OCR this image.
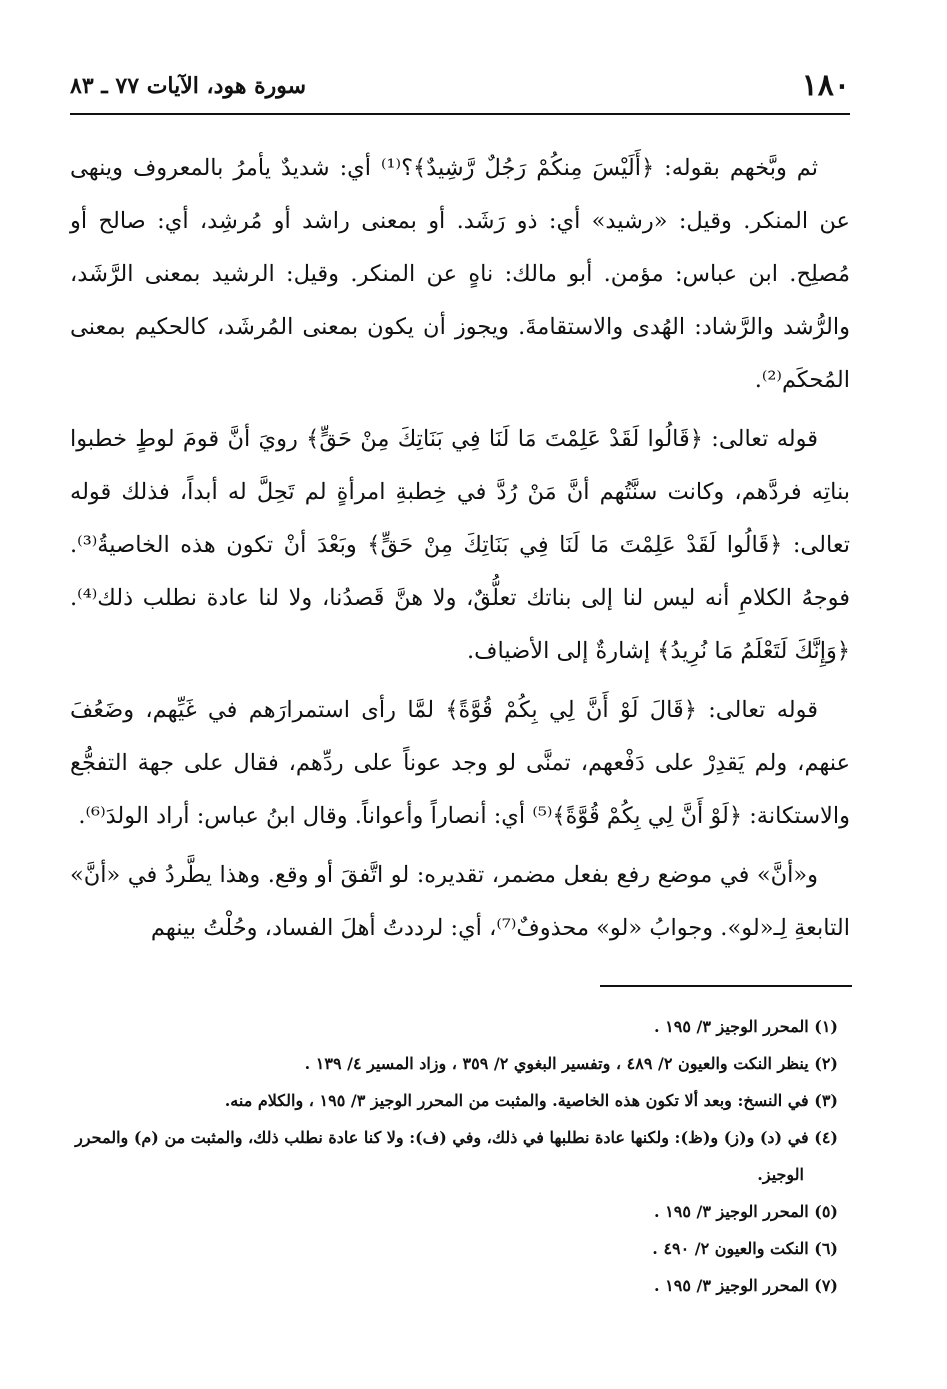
١٨٠
سورة هود، الآيات ٧٧ ـ ٨٣

ثم وبَّخهم بقوله: ﴿أَلَيْسَ مِنكُمْ رَجُلٌ رَّشِيدٌ﴾؟⁽¹⁾ أي: شديدٌ يأمرُ بالمعروف وينهى عن المنكر. وقيل: «رشيد» أي: ذو رَشَد. أو بمعنى راشد أو مُرشِد، أي: صالح أو مُصلِح. ابن عباس: مؤمن. أبو مالك: ناهٍ عن المنكر. وقيل: الرشيد بمعنى الرَّشَد، والرُّشد والرَّشاد: الهُدى والاستقامةَ. ويجوز أن يكون بمعنى المُرشَد، كالحكيم بمعنى المُحكَم⁽²⁾.

قوله تعالى: ﴿قَالُوا لَقَدْ عَلِمْتَ مَا لَنَا فِي بَنَاتِكَ مِنْ حَقٍّ﴾ رويَ أنَّ قومَ لوطٍ خطبوا بناتِه فردَّهم، وكانت سنَّتُهم أنَّ مَنْ رُدَّ في خِطبةِ امرأةٍ لم تَحِلَّ له أبداً، فذلك قوله تعالى: ﴿قَالُوا لَقَدْ عَلِمْتَ مَا لَنَا فِي بَنَاتِكَ مِنْ حَقٍّ﴾ وبَعْدَ أنْ تكون هذه الخاصيةُ⁽³⁾. فوجهُ الكلامِ أنه ليس لنا إلى بناتك تعلُّقٌ، ولا هنَّ قَصدُنا، ولا لنا عادة نطلب ذلك⁽⁴⁾. ﴿وَإِنَّكَ لَتَعْلَمُ مَا نُرِيدُ﴾ إشارةٌ إلى الأضياف.

قوله تعالى: ﴿قَالَ لَوْ أَنَّ لِي بِكُمْ قُوَّةً﴾ لمَّا رأى استمرارَهم في غَيِّهم، وضَعُفَ عنهم، ولم يَقدِرْ على دَفْعهم، تمنَّى لو وجد عوناً على ردِّهم، فقال على جهة التفجُّع والاستكانة: ﴿لَوْ أَنَّ لِي بِكُمْ قُوَّةً﴾⁽⁵⁾ أي: أنصاراً وأعواناً. وقال ابنُ عباس: أراد الولدَ⁽⁶⁾.

و«أنَّ» في موضع رفع بفعل مضمر، تقديره: لو اتَّفقَ أو وقع. وهذا يطَّردُ في «أنَّ» التابعةِ لِـ«لو». وجوابُ «لو» محذوفٌ⁽⁷⁾، أي: لرددتُ أهلَ الفساد، وحُلْتُ بينهم

(١) المحرر الوجيز ٣/ ١٩٥ .

(٢) ينظر النكت والعيون ٢/ ٤٨٩ ، وتفسير البغوي ٢/ ٣٥٩ ، وزاد المسير ٤/ ١٣٩ .

(٣) في النسخ: وبعد ألا تكون هذه الخاصية. والمثبت من المحرر الوجيز ٣/ ١٩٥ ، والكلام منه.

(٤) في (د) و(ز) و(ظ): ولكنها عادة نطلبها في ذلك، وفي (ف): ولا كنا عادة نطلب ذلك، والمثبت من (م) والمحرر الوجيز.

(٥) المحرر الوجيز ٣/ ١٩٥ .

(٦) النكت والعيون ٢/ ٤٩٠ .

(٧) المحرر الوجيز ٣/ ١٩٥ .
